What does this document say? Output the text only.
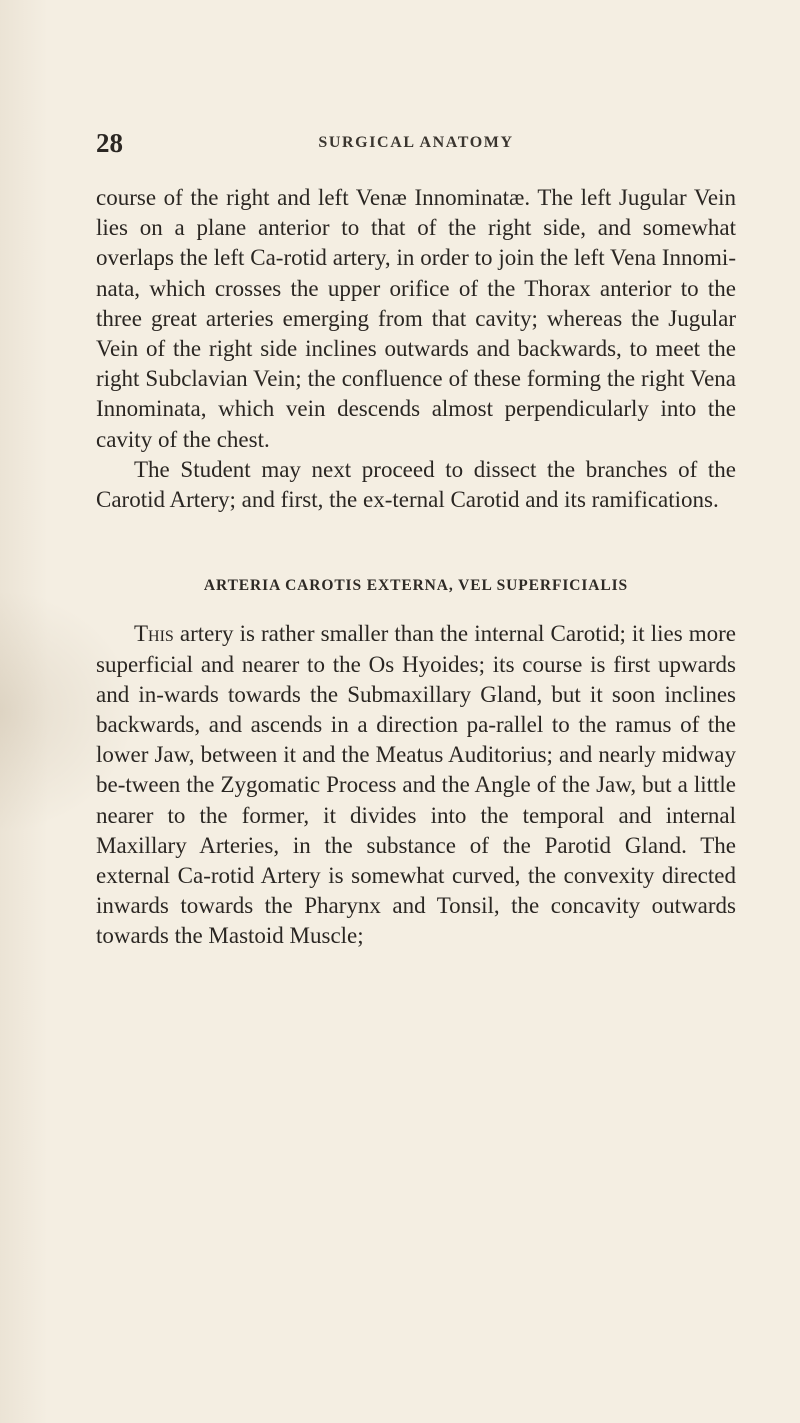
28	SURGICAL ANATOMY

course of the right and left Venæ Innominatæ. The left Jugular Vein lies on a plane anterior to that of the right side, and somewhat overlaps the left Ca-rotid artery, in order to join the left Vena Innomi-nata, which crosses the upper orifice of the Thorax anterior to the three great arteries emerging from that cavity; whereas the Jugular Vein of the right side inclines outwards and backwards, to meet the right Subclavian Vein; the confluence of these forming the right Vena Innominata, which vein descends almost perpendicularly into the cavity of the chest.

The Student may next proceed to dissect the branches of the Carotid Artery; and first, the ex-ternal Carotid and its ramifications.

ARTERIA CAROTIS EXTERNA, VEL SUPERFICIALIS

This artery is rather smaller than the internal Carotid; it lies more superficial and nearer to the Os Hyoides; its course is first upwards and in-wards towards the Submaxillary Gland, but it soon inclines backwards, and ascends in a direction pa-rallel to the ramus of the lower Jaw, between it and the Meatus Auditorius; and nearly midway be-tween the Zygomatic Process and the Angle of the Jaw, but a little nearer to the former, it divides into the temporal and internal Maxillary Arteries, in the substance of the Parotid Gland. The external Ca-rotid Artery is somewhat curved, the convexity directed inwards towards the Pharynx and Tonsil, the concavity outwards towards the Mastoid Muscle;
